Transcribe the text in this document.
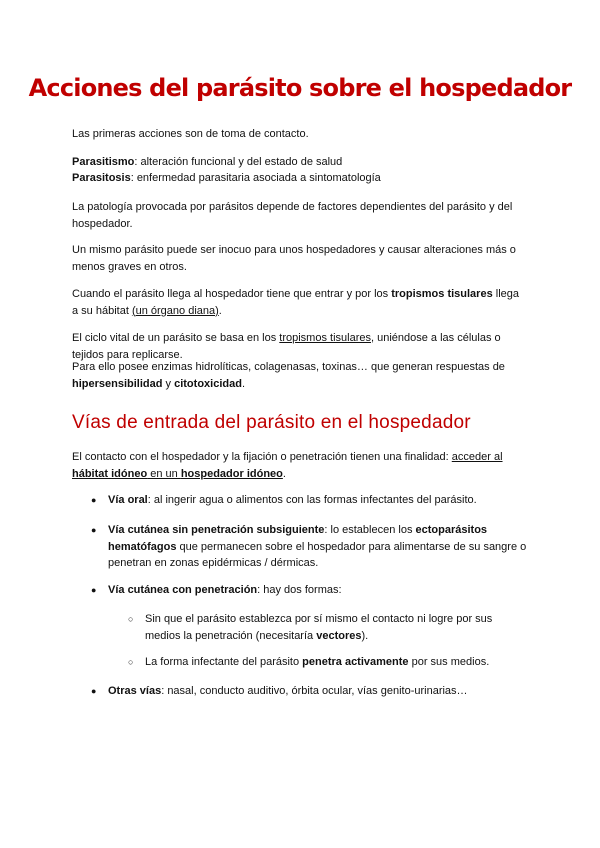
Acciones del parásito sobre el hospedador

Las primeras acciones son de toma de contacto.

Parasitismo: alteración funcional y del estado de salud

Parasitosis: enfermedad parasitaria asociada a sintomatología

La patología provocada por parásitos depende de factores dependientes del parásito y del hospedador.

Un mismo parásito puede ser inocuo para unos hospedadores y causar alteraciones más o menos graves en otros.

Cuando el parásito llega al hospedador tiene que entrar y por los tropismos tisulares llega a su hábitat (un órgano diana).

El ciclo vital de un parásito se basa en los tropismos tisulares, uniéndose a las células o tejidos para replicarse.

Para ello posee enzimas hidrolíticas, colagenasas, toxinas… que generan respuestas de hipersensibilidad y citotoxicidad.

Vías de entrada del parásito en el hospedador

El contacto con el hospedador y la fijación o penetración tienen una finalidad: acceder al hábitat idóneo en un hospedador idóneo.

● Vía oral: al ingerir agua o alimentos con las formas infectantes del parásito.

● Vía cutánea sin penetración subsiguiente: lo establecen los ectoparásitos hematófagos que permanecen sobre el hospedador para alimentarse de su sangre o penetran en zonas epidérmicas / dérmicas.

● Vía cutánea con penetración: hay dos formas:

○ Sin que el parásito establezca por sí mismo el contacto ni logre por sus medios la penetración (necesitaría vectores).

○ La forma infectante del parásito penetra activamente por sus medios.

● Otras vías: nasal, conducto auditivo, órbita ocular, vías genito-urinarias…
